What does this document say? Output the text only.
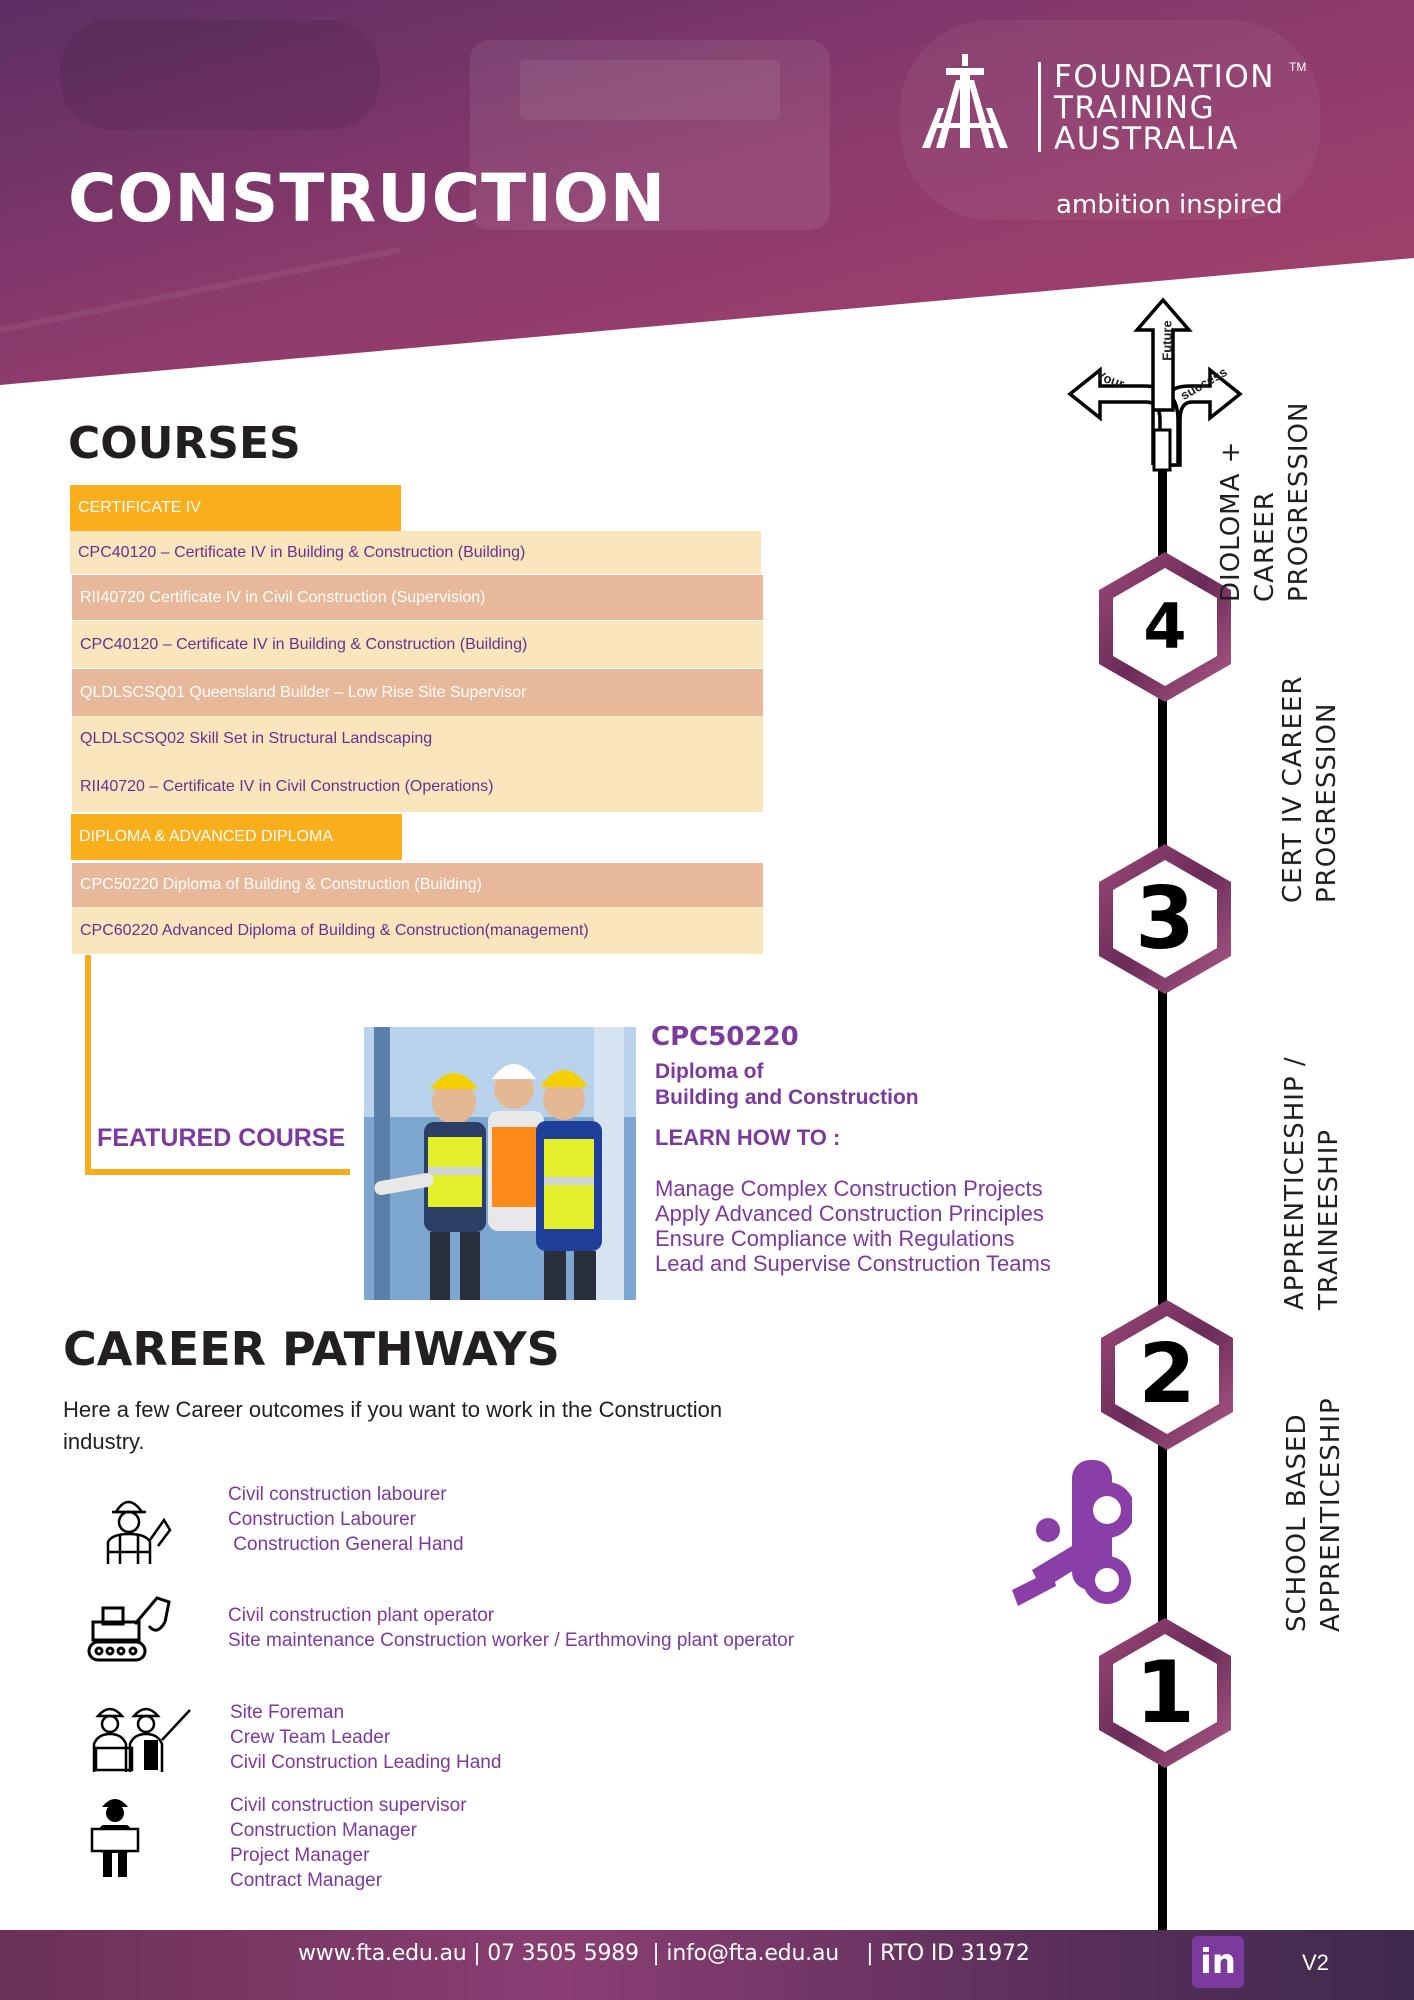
CONSTRUCTION
FOUNDATION TM
TRAINING
AUSTRALIA
ambition inspired
COURSES
CERTIFICATE IV
CPC40120 – Certificate IV in Building & Construction (Building)
RII40720 Certificate IV in Civil Construction (Supervision)
CPC40120 – Certificate IV in Building & Construction (Building)
QLDLSCSQ01 Queensland Builder – Low Rise Site Supervisor
QLDLSCSQ02 Skill Set in Structural Landscaping
RII40720 – Certificate IV in Civil Construction (Operations)
DIPLOMA & ADVANCED DIPLOMA
CPC50220 Diploma of Building & Construction (Building)
CPC60220 Advanced Diploma of Building & Construction(management)
FEATURED COURSE
CPC50220
Diploma of
Building and Construction
LEARN HOW TO :
Manage Complex Construction Projects
Apply Advanced Construction Principles
Ensure Compliance with Regulations
Lead and Supervise Construction Teams
CAREER PATHWAYS

Here a few Career outcomes if you want to work in the Construction industry.

Civil construction labourer
Construction Labourer
Construction General Hand
Civil construction plant operator
Site maintenance Construction worker / Earthmoving plant operator
Site Foreman
Crew Team Leader
Civil Construction Leading Hand
Civil construction supervisor
Construction Manager
Project Manager
Contract Manager
Your
Future
success
4
3
2
1
DIOLOMA + CAREER PROGRESSION
CERT IV CAREER PROGRESSION
APPRENTICESHIP / TRAINEESHIP
SCHOOL BASED APPRENTICESHIP
www.fta.edu.au | 07 3505 5989  | info@fta.edu.au    | RTO ID 31972	in	V2
